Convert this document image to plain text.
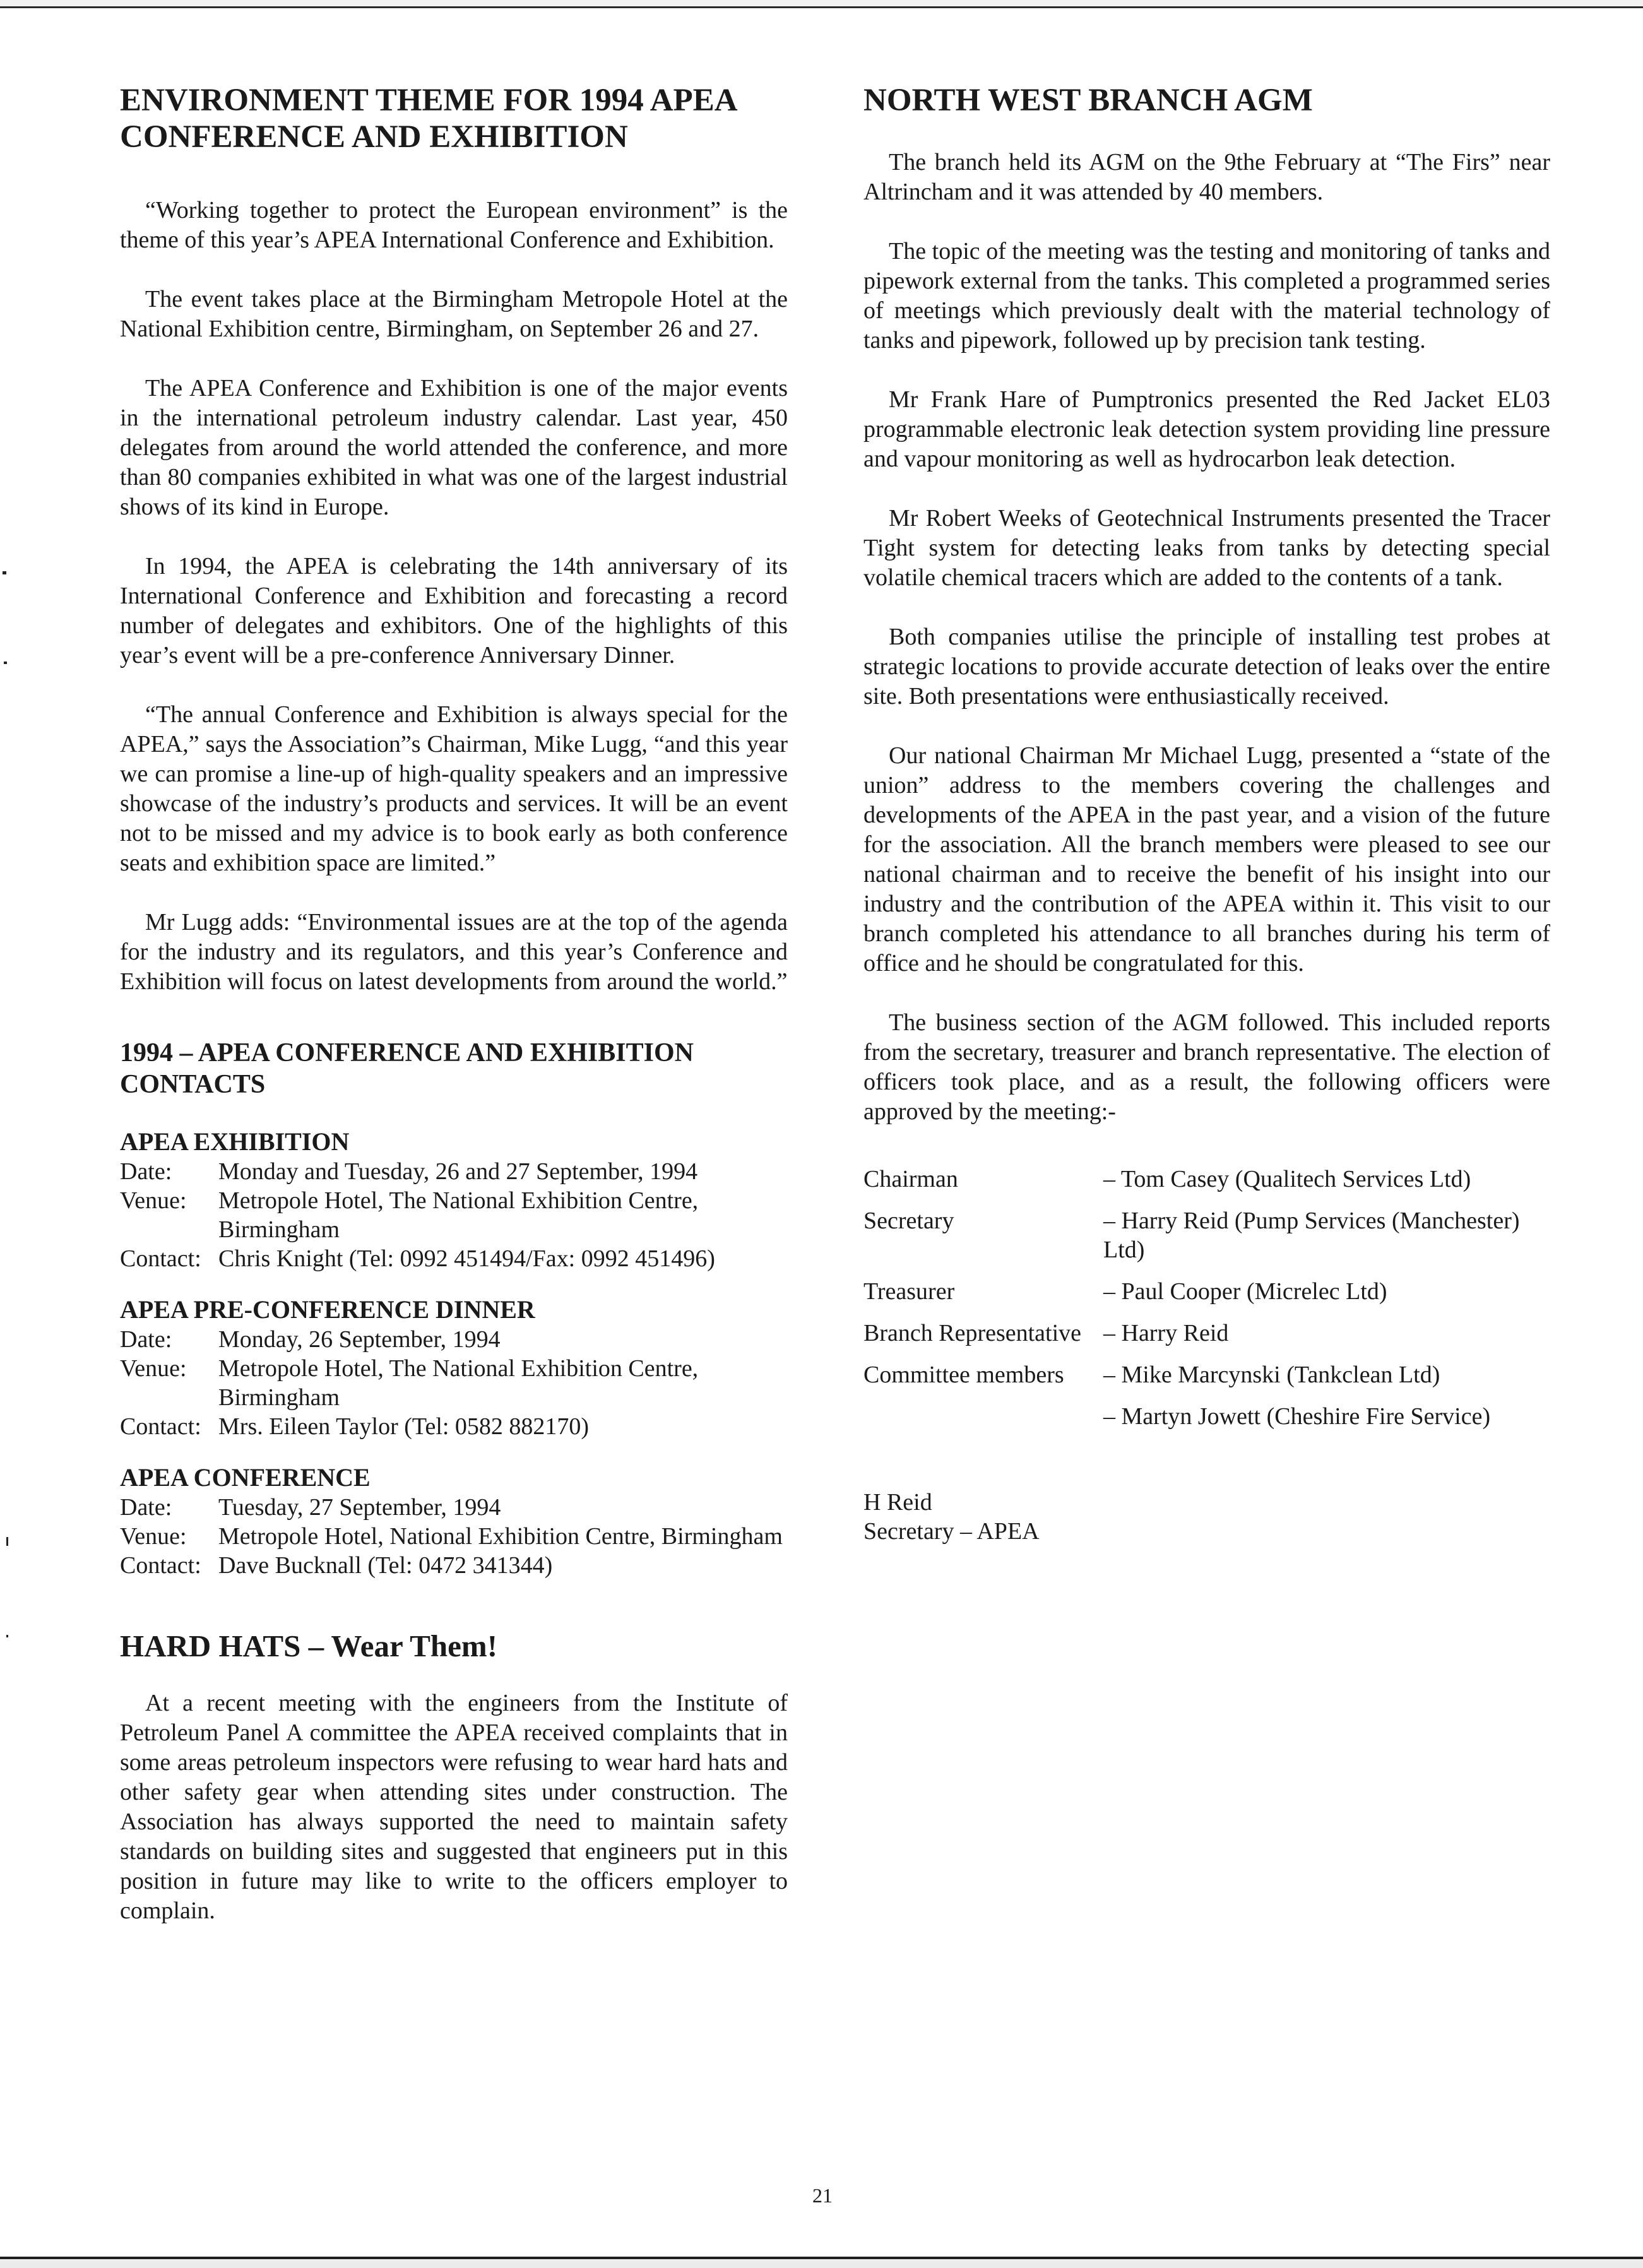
ENVIRONMENT THEME FOR 1994 APEA CONFERENCE AND EXHIBITION

“Working together to protect the European environment” is the theme of this year’s APEA International Conference and Exhibition.

The event takes place at the Birmingham Metropole Hotel at the National Exhibition centre, Birmingham, on September 26 and 27.

The APEA Conference and Exhibition is one of the major events in the international petroleum industry calendar. Last year, 450 delegates from around the world attended the conference, and more than 80 companies exhibited in what was one of the largest industrial shows of its kind in Europe.

In 1994, the APEA is celebrating the 14th anniversary of its International Conference and Exhibition and forecasting a record number of delegates and exhibitors. One of the highlights of this year’s event will be a pre-conference Anniversary Dinner.

“The annual Conference and Exhibition is always special for the APEA,” says the Association”s Chairman, Mike Lugg, “and this year we can promise a line-up of high-quality speakers and an impressive showcase of the industry’s products and services. It will be an event not to be missed and my advice is to book early as both conference seats and exhibition space are limited.”

Mr Lugg adds: “Environmental issues are at the top of the agenda for the industry and its regulators, and this year’s Conference and Exhibition will focus on latest developments from around the world.”

1994 – APEA CONFERENCE AND EXHIBITION CONTACTS
APEA EXHIBITION
Date:	Monday and Tuesday, 26 and 27 September, 1994
Venue:	Metropole Hotel, The National Exhibition Centre, Birmingham
Contact: Chris Knight (Tel: 0992 451494/Fax: 0992 451496)
APEA PRE-CONFERENCE DINNER
Date:	Monday, 26 September, 1994
Venue:	Metropole Hotel, The National Exhibition Centre, Birmingham
Contact: Mrs. Eileen Taylor (Tel: 0582 882170)
APEA CONFERENCE
Date:	Tuesday, 27 September, 1994
Venue:	Metropole Hotel, National Exhibition Centre, Birmingham
Contact: Dave Bucknall (Tel: 0472 341344)
HARD HATS – Wear Them!

At a recent meeting with the engineers from the Institute of Petroleum Panel A committee the APEA received complaints that in some areas petroleum inspectors were refusing to wear hard hats and other safety gear when attending sites under construction. The Association has always supported the need to maintain safety standards on building sites and suggested that engineers put in this position in future may like to write to the officers employer to complain.

NORTH WEST BRANCH AGM

The branch held its AGM on the 9the February at “The Firs” near Altrincham and it was attended by 40 members.

The topic of the meeting was the testing and monitoring of tanks and pipework external from the tanks. This completed a programmed series of meetings which previously dealt with the material technology of tanks and pipework, followed up by precision tank testing.

Mr Frank Hare of Pumptronics presented the Red Jacket EL03 programmable electronic leak detection system providing line pressure and vapour monitoring as well as hydrocarbon leak detection.

Mr Robert Weeks of Geotechnical Instruments presented the Tracer Tight system for detecting leaks from tanks by detecting special volatile chemical tracers which are added to the contents of a tank.

Both companies utilise the principle of installing test probes at strategic locations to provide accurate detection of leaks over the entire site. Both presentations were enthusiastically received.

Our national Chairman Mr Michael Lugg, presented a “state of the union” address to the members covering the challenges and developments of the APEA in the past year, and a vision of the future for the association. All the branch members were pleased to see our national chairman and to receive the benefit of his insight into our industry and the contribution of the APEA within it. This visit to our branch completed his attendance to all branches during his term of office and he should be congratulated for this.

The business section of the AGM followed. This included reports from the secretary, treasurer and branch representative. The election of officers took place, and as a result, the following officers were approved by the meeting:-

Chairman	– Tom Casey (Qualitech Services Ltd)
Secretary	– Harry Reid (Pump Services (Manchester) Ltd)
Treasurer	– Paul Cooper (Micrelec Ltd)
Branch Representative – Harry Reid
Committee members	– Mike Marcynski (Tankclean Ltd)
– Martyn Jowett (Cheshire Fire Service)
H Reid
Secretary – APEA
21
